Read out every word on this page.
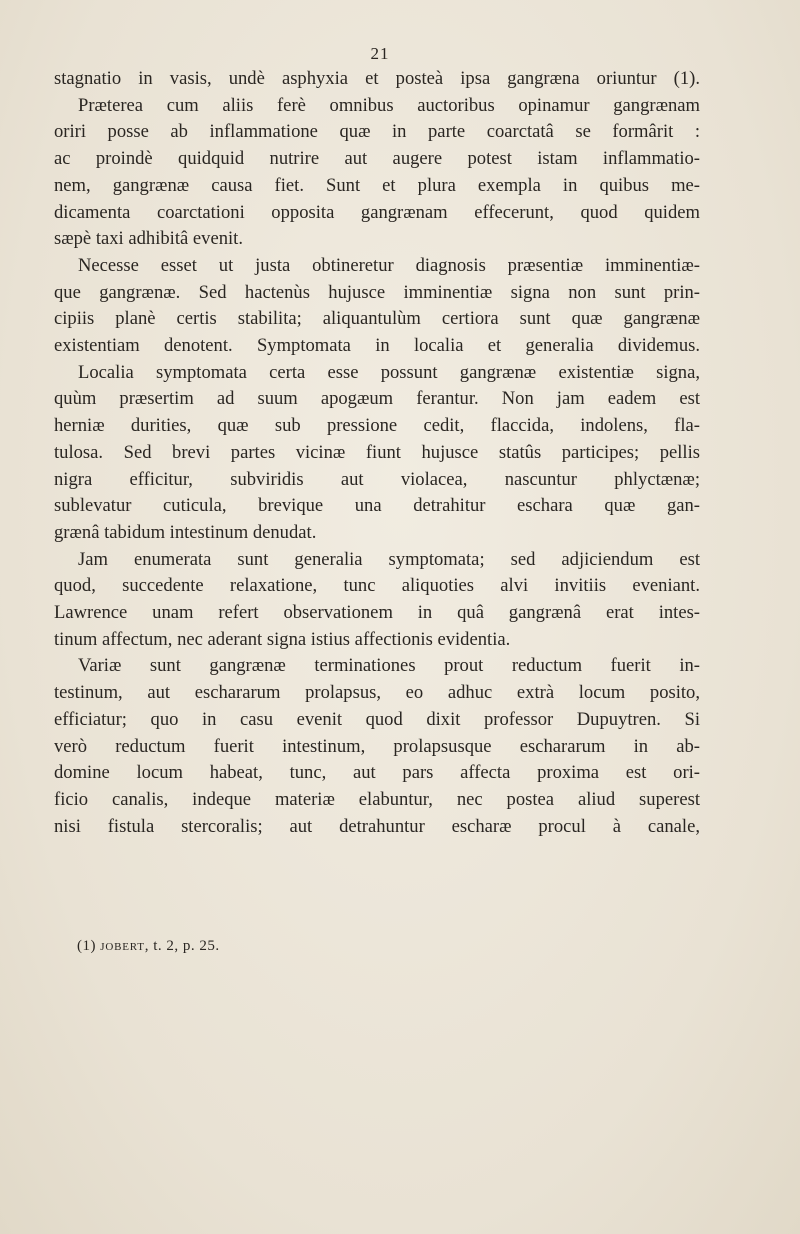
21
stagnatio in vasis, undè asphyxia et posteà ipsa gangræna oriuntur (1).
Præterea cum aliis ferè omnibus auctoribus opinamur gangrænam
oriri posse ab inflammatione quæ in parte coarctatâ se formârit :
ac proindè quidquid nutrire aut augere potest istam inflammatio-
nem, gangrænæ causa fiet. Sunt et plura exempla in quibus me-
dicamenta coarctationi opposita gangrænam effecerunt, quod quidem
sæpè taxi adhibitâ evenit.
Necesse esset ut justa obtineretur diagnosis præsentiæ imminentiæ-
que gangrænæ. Sed hactenùs hujusce imminentiæ signa non sunt prin-
cipiis planè certis stabilita; aliquantulùm certiora sunt quæ gangrænæ
existentiam denotent. Symptomata in localia et generalia dividemus.
Localia symptomata certa esse possunt gangrænæ existentiæ signa,
quùm præsertim ad suum apogæum ferantur. Non jam eadem est
herniæ durities, quæ sub pressione cedit, flaccida, indolens, fla-
tulosa. Sed brevi partes vicinæ fiunt hujusce statûs participes; pellis
nigra efficitur, subviridis aut violacea, nascuntur phlyctænæ;
sublevatur cuticula, brevique una detrahitur eschara quæ gan-
grænâ tabidum intestinum denudat.
Jam enumerata sunt generalia symptomata; sed adjiciendum est
quod, succedente relaxatione, tunc aliquoties alvi invitiis eveniant.
Lawrence unam refert observationem in quâ gangrænâ erat intes-
tinum affectum, nec aderant signa istius affectionis evidentia.
Variæ sunt gangrænæ terminationes prout reductum fuerit in-
testinum, aut eschararum prolapsus, eo adhuc extrà locum posito,
efficiatur; quo in casu evenit quod dixit professor Dupuytren. Si
verò reductum fuerit intestinum, prolapsusque eschararum in ab-
domine locum habeat, tunc, aut pars affecta proxima est ori-
ficio canalis, indeque materiæ elabuntur, nec postea aliud superest
nisi fistula stercoralis; aut detrahuntur escharæ procul à canale,
(1) JOBERT, t. 2, p. 25.
